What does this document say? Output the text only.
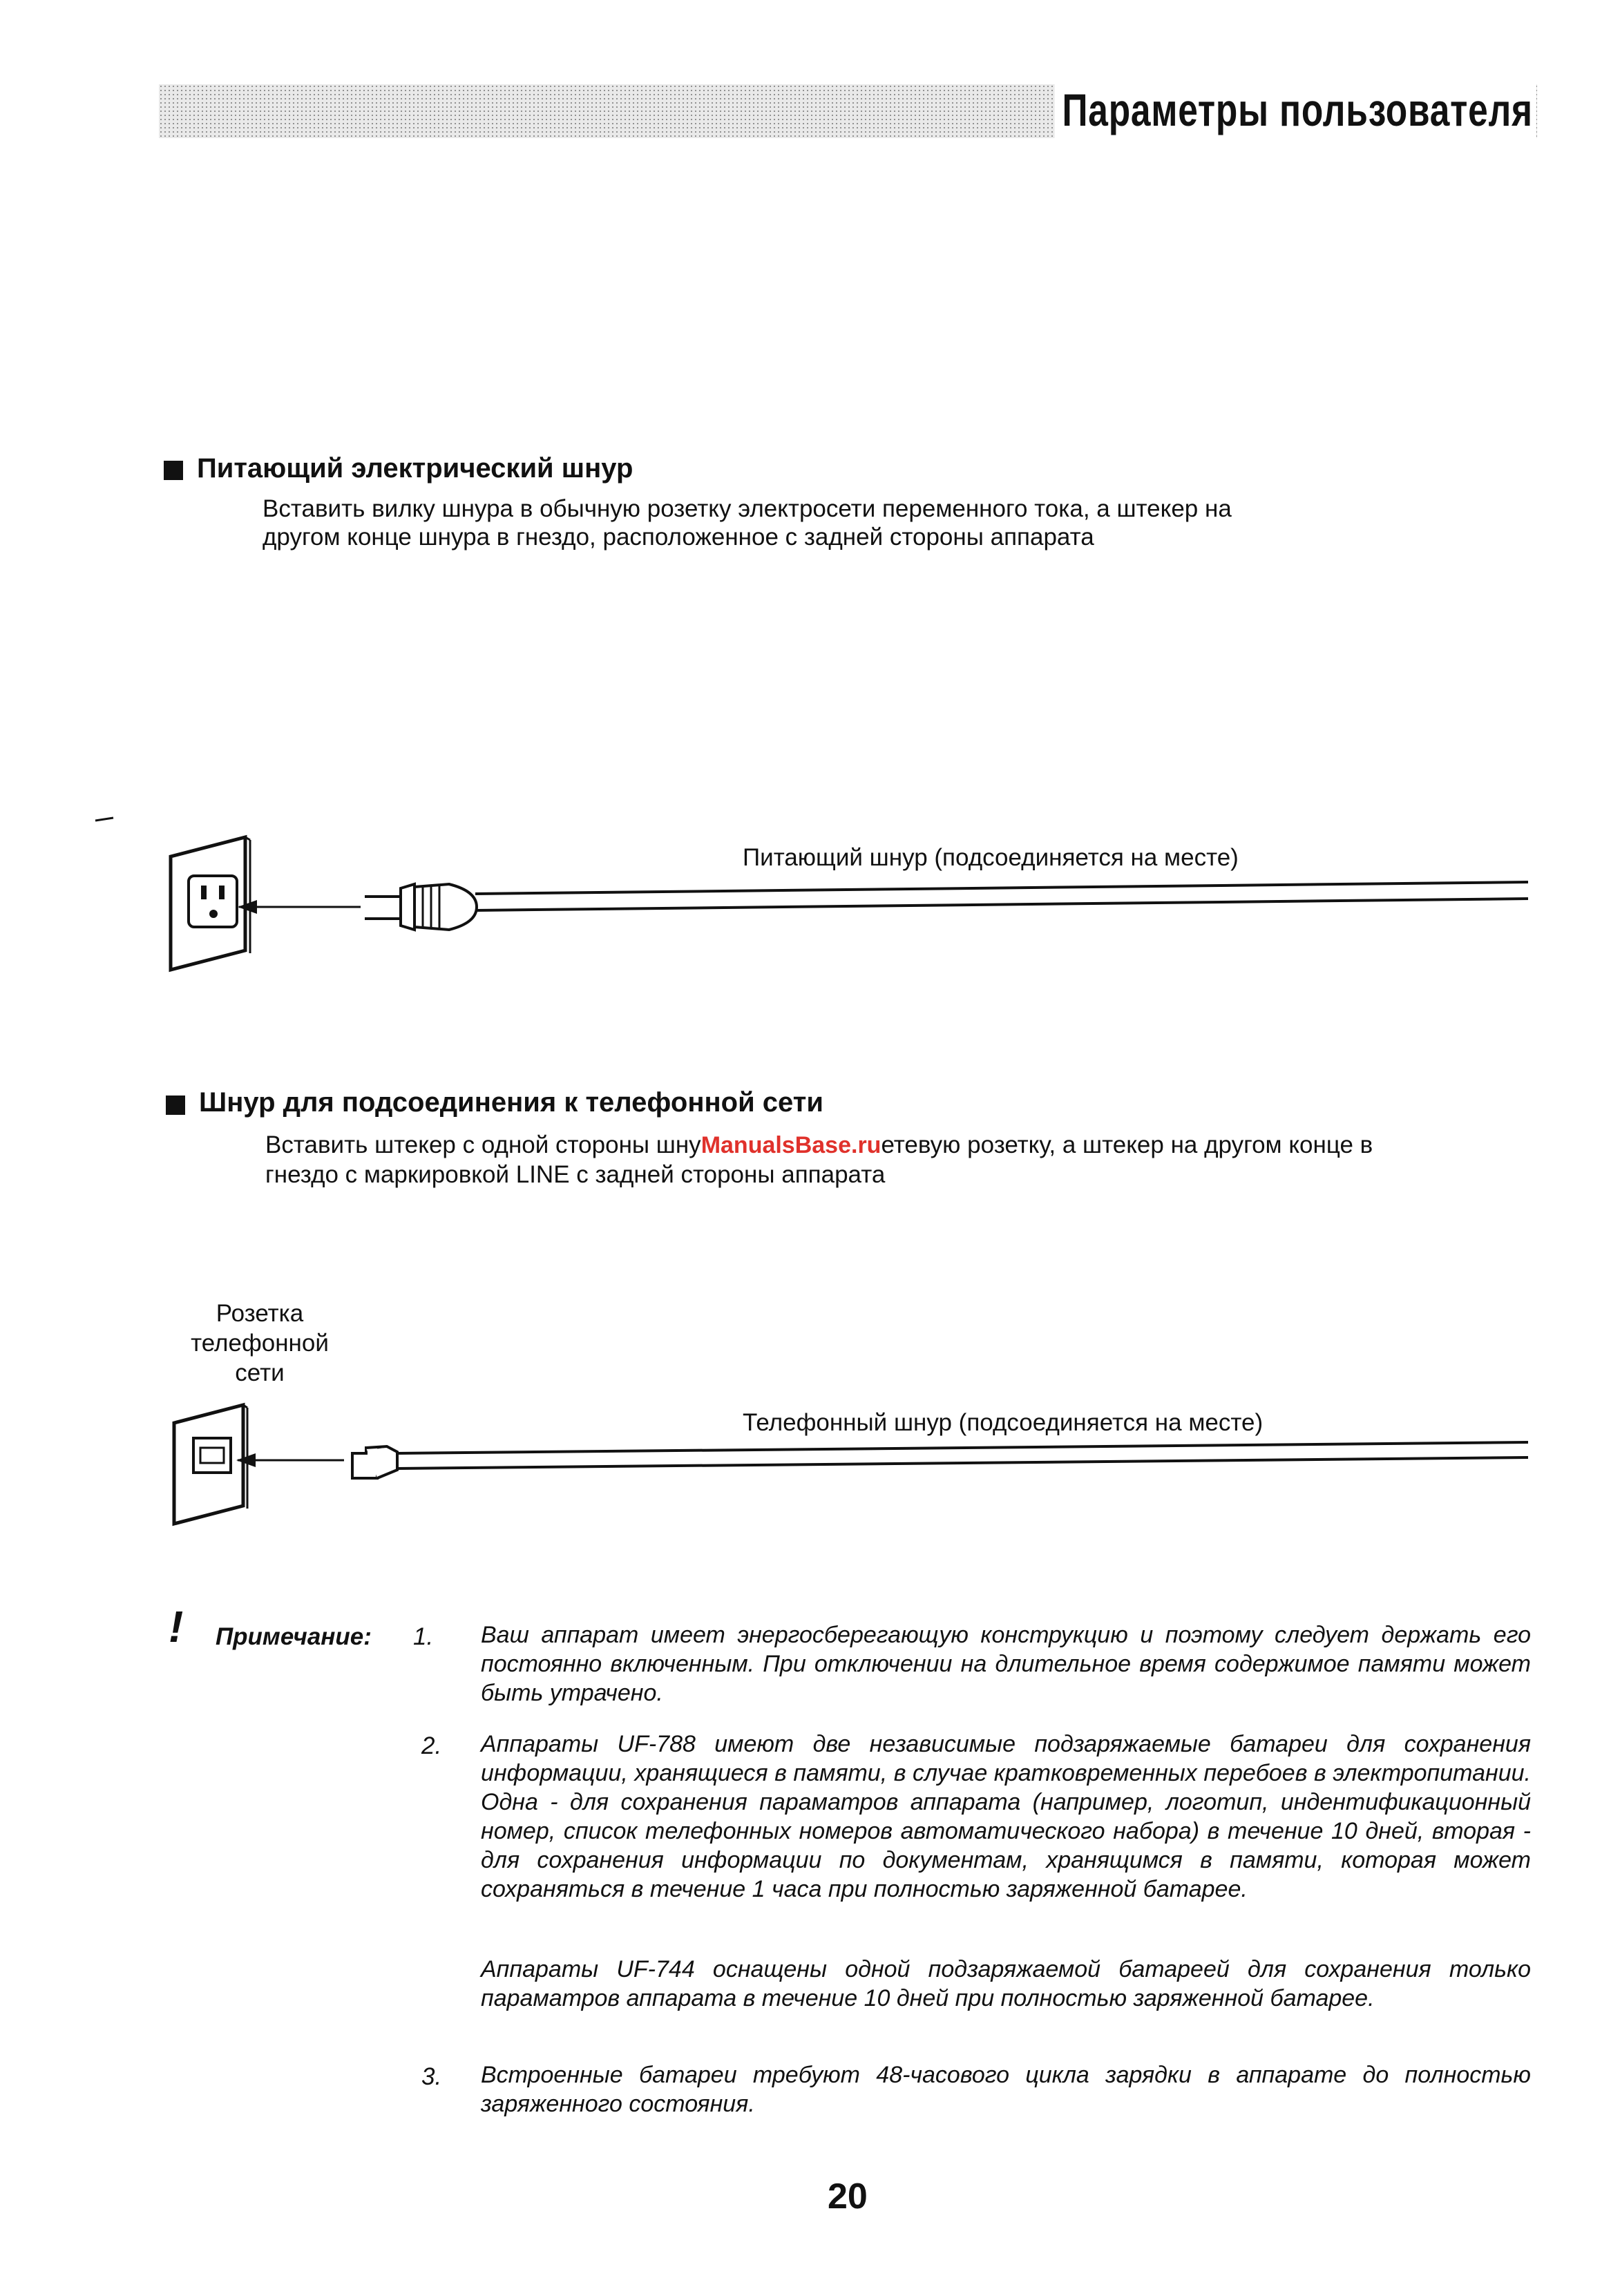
Параметры пользователя
Питающий электрический шнур
Вставить вилку шнура в обычную розетку электросети переменного тока, а штекер на
другом конце шнура в гнездо, расположенное с задней стороны аппарата
Питающий шнур (подсоединяется на месте)
Шнур для подсоединения к телефонной сети
Вставить штекер с одной стороны шнуManualsBase.ruетевую розетку, а штекер на другом конце в
гнездо с маркировкой LINE с задней стороны аппарата
Розетка
телефонной
сети
Телефонный шнур (подсоединяется на месте)
! Примечание: 1. Ваш аппарат имеет энергосберегающую конструкцию и поэтому следует держать его постоянно включенным. При отключении на длительное время содержимое памяти может быть утрачено.
2. Аппараты UF-788 имеют две независимые подзаряжаемые батареи для сохранения информации, хранящиеся в памяти, в случае кратковременных перебоев в электропитании. Одна - для сохранения параматров аппарата (например, логотип, индентификационный номер, список телефонных номеров автоматического набора) в течение 10 дней, вторая - для сохранения информации по документам, хранящимся в памяти, которая может сохраняться в течение 1 часа при полностью заряженной батарее.
Аппараты UF-744 оснащены одной подзаряжаемой батареей для сохранения только параматров аппарата в течение 10 дней при полностью заряженной батарее.
3. Встроенные батареи требуют 48-часового цикла зарядки в аппарате до полностью заряженного состояния.
20
